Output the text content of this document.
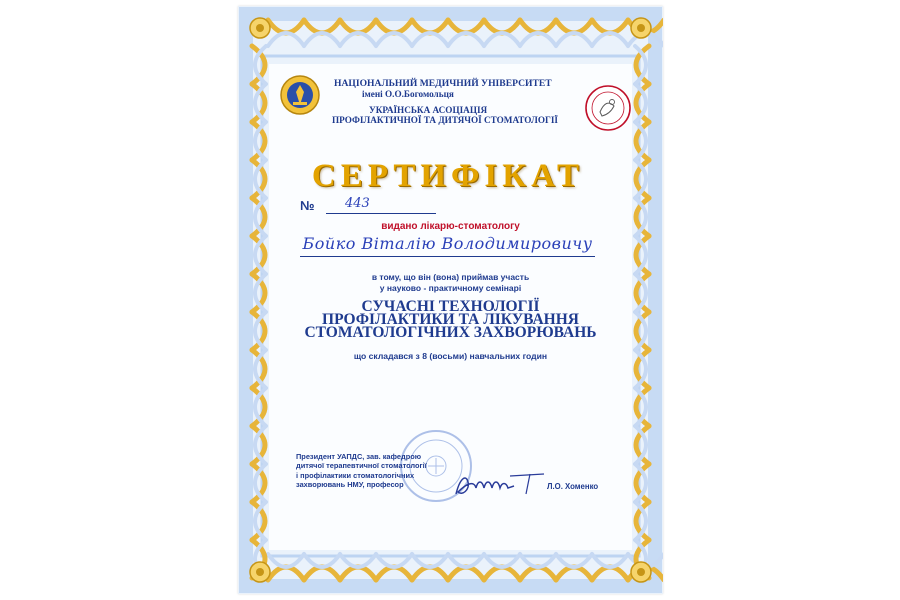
НАЦІОНАЛЬНИЙ МЕДИЧНИЙ УНІВЕРСИТЕТ
імені О.О.Богомольця
УКРАЇНСЬКА АСОЦІАЦІЯ
ПРОФІЛАКТИЧНОЇ ТА ДИТЯЧОЇ СТОМАТОЛОГІЇ
СЕРТИФІКАТ
№ 443
видано лікарю-стоматологу
Бойко Віталію Володимировичу
в тому, що він (вона) приймав участь
у науково - практичному семінарі
СУЧАСНІ ТЕХНОЛОГІЇ
ПРОФІЛАКТИКИ ТА ЛІКУВАННЯ
СТОМАТОЛОГІЧНИХ ЗАХВОРЮВАНЬ
що складався з 8 (восьми) навчальних годин
Президент УАПДС, зав. кафедрою
дитячої терапевтичної стоматології
і профілактики стоматологічних
захворювань НМУ, професор	Л.О. Хоменко
